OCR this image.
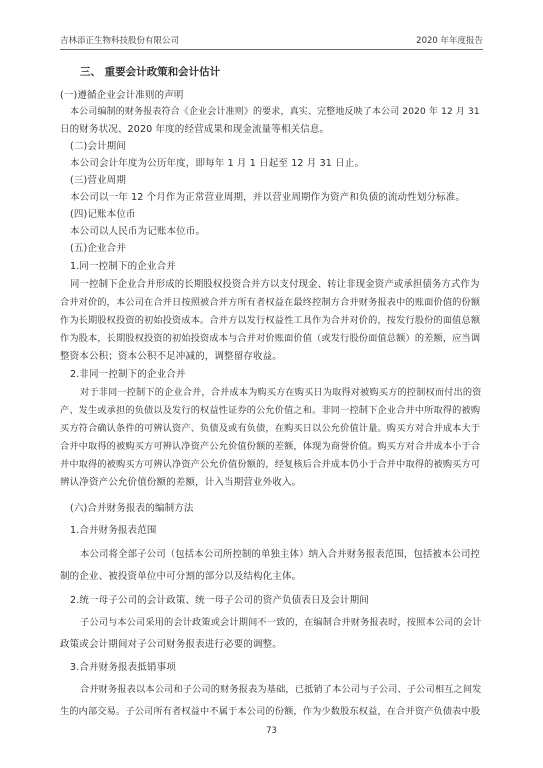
吉林添正生物科技股份有限公司	2020 年年度报告
三、 重要会计政策和会计估计
(一)遵循企业会计准则的声明
本公司编制的财务报表符合《企业会计准则》的要求，真实、完整地反映了本公司 2020 年 12 月 31
日的财务状况、2020 年度的经营成果和现金流量等相关信息。
(二)会计期间
本公司会计年度为公历年度，即每年 1 月 1 日起至 12 月 31 日止。
(三)营业周期
本公司以一年 12 个月作为正常营业周期，并以营业周期作为资产和负债的流动性划分标准。
(四)记账本位币
本公司以人民币为记账本位币。
(五)企业合并
1.同一控制下的企业合并
同一控制下企业合并形成的长期股权投资合并方以支付现金、转让非现金资产或承担债务方式作为
合并对价的，本公司在合并日按照被合并方所有者权益在最终控制方合并财务报表中的账面价值的份额
作为长期股权投资的初始投资成本。合并方以发行权益性工具作为合并对价的，按发行股份的面值总额
作为股本，长期股权投资的初始投资成本与合并对价账面价值（或发行股份面值总额）的差额，应当调
整资本公积；资本公积不足冲减的，调整留存收益。
2.非同一控制下的企业合并
对于非同一控制下的企业合并，合并成本为购买方在购买日为取得对被购买方的控制权而付出的资
产、发生或承担的负债以及发行的权益性证券的公允价值之和。非同一控制下企业合并中所取得的被购
买方符合确认条件的可辨认资产、负债及或有负债，在购买日以公允价值计量。购买方对合并成本大于
合并中取得的被购买方可辨认净资产公允价值份额的差额，体现为商誉价值。购买方对合并成本小于合
并中取得的被购买方可辨认净资产公允价值份额的，经复核后合并成本仍小于合并中取得的被购买方可
辨认净资产公允价值份额的差额，计入当期营业外收入。
(六)合并财务报表的编制方法
1.合并财务报表范围
本公司将全部子公司（包括本公司所控制的单独主体）纳入合并财务报表范围，包括被本公司控
制的企业、被投资单位中可分割的部分以及结构化主体。
2.统一母子公司的会计政策、统一母子公司的资产负债表日及会计期间
子公司与本公司采用的会计政策或会计期间不一致的，在编制合并财务报表时，按照本公司的会计
政策或会计期间对子公司财务报表进行必要的调整。
3.合并财务报表抵销事项
合并财务报表以本公司和子公司的财务报表为基础，已抵销了本公司与子公司、子公司相互之间发
生的内部交易。子公司所有者权益中不属于本公司的份额，作为少数股东权益，在合并资产负债表中股
73
